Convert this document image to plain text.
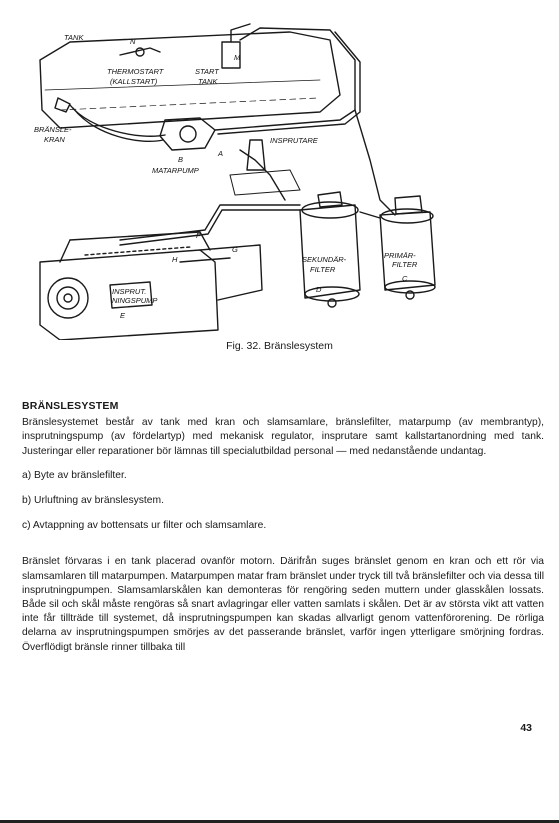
TANK	N
THERMOSTART
(KALLSTART)
M
START
TANK
BRÄNSLE-
KRAN	INSPRUTARE
A
B
MATARPUMP
F
G
H	SEKUNDÄR-
FILTER
D
PRIMÄR-
FILTER
C
INSPRUT.
NINGSPUMP
E
Fig. 32. Bränslesystem
BRÄNSLESYSTEM

Bränslesystemet består av tank med kran och slamsamlare, bränslefilter, matarpump (av membrantyp), insprutningspump (av fördelartyp) med mekanisk regulator, insprutare samt kallstartanordning med tank. Justeringar eller reparationer bör lämnas till specialutbildad personal — med nedanstående undantag.

a) Byte av bränslefilter.
b) Urluftning av bränslesystem.
c) Avtappning av bottensats ur filter och slamsamlare.

Bränslet förvaras i en tank placerad ovanför motorn. Därifrån suges bränslet genom en kran och ett rör via slamsamlaren till matarpumpen. Matarpumpen matar fram bränslet under tryck till två bränslefilter och via dessa till insprutningpumpen. Slamsamlarskålen kan demonteras för rengöring seden muttern under glasskålen lossats. Både sil och skål måste rengöras så snart avlagringar eller vatten samlats i skålen. Det är av största vikt att vatten inte får tillträde till systemet, då insprutningspumpen kan skadas allvarligt genom vattenförorening. De rörliga delarna av insprutningspumpen smörjes av det passerande bränslet, varför ingen ytterligare smörjning fordras. Överflödigt bränsle rinner tillbaka till

43
